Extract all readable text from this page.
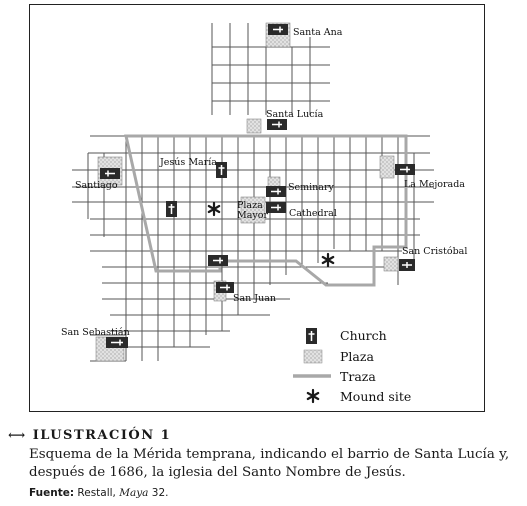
Santa Ana
Santa Lucía
Jesús María
Santiago	La Mejorada
Seminary
Plaza
Mayor Cathedral
San Cristóbal
San Juan
San Sebastián	Church
Plaza
Traza
Mound site
⟷ ILUSTRACIÓN 1
Esquema de la Mérida temprana, indicando el barrio de Santa Lucía y,
después de 1686, la iglesia del Santo Nombre de Jesús.
Fuente: Restall, Maya 32.
